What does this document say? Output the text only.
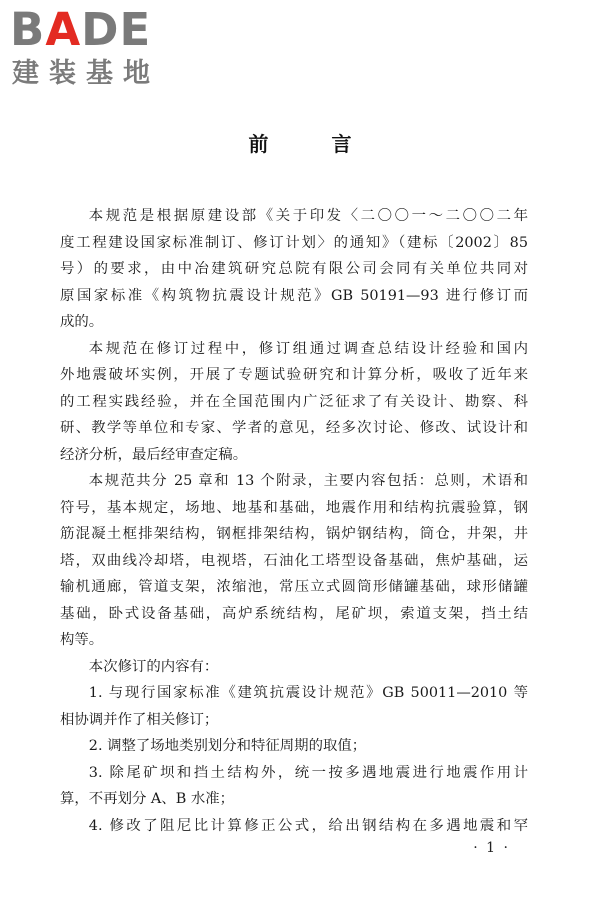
BADE
建装基地
前 言
本规范是根据原建设部《关于印发〈二〇〇一～二〇〇二年
度工程建设国家标准制订、修订计划〉的通知》（建标〔2002〕85
号）的要求，由中冶建筑研究总院有限公司会同有关单位共同对
原国家标准《构筑物抗震设计规范》GB 50191—93 进行修订而
成的。
本规范在修订过程中，修订组通过调查总结设计经验和国内
外地震破坏实例，开展了专题试验研究和计算分析，吸收了近年来
的工程实践经验，并在全国范围内广泛征求了有关设计、勘察、科
研、教学等单位和专家、学者的意见，经多次讨论、修改、试设计和
经济分析，最后经审查定稿。
本规范共分 25 章和 13 个附录，主要内容包括：总则，术语和
符号，基本规定，场地、地基和基础，地震作用和结构抗震验算，钢
筋混凝土框排架结构，钢框排架结构，锅炉钢结构，筒仓，井架，井
塔，双曲线冷却塔，电视塔，石油化工塔型设备基础，焦炉基础，运
输机通廊，管道支架，浓缩池，常压立式圆筒形储罐基础，球形储罐
基础，卧式设备基础，高炉系统结构，尾矿坝，索道支架，挡土结
构等。
本次修订的内容有：
1. 与现行国家标准《建筑抗震设计规范》GB 50011—2010 等
相协调并作了相关修订；
2. 调整了场地类别划分和特征周期的取值；
3. 除尾矿坝和挡土结构外，统一按多遇地震进行地震作用计
算，不再划分 A、B 水准；
4. 修改了阻尼比计算修正公式，给出钢结构在多遇地震和罕
· 1 ·
